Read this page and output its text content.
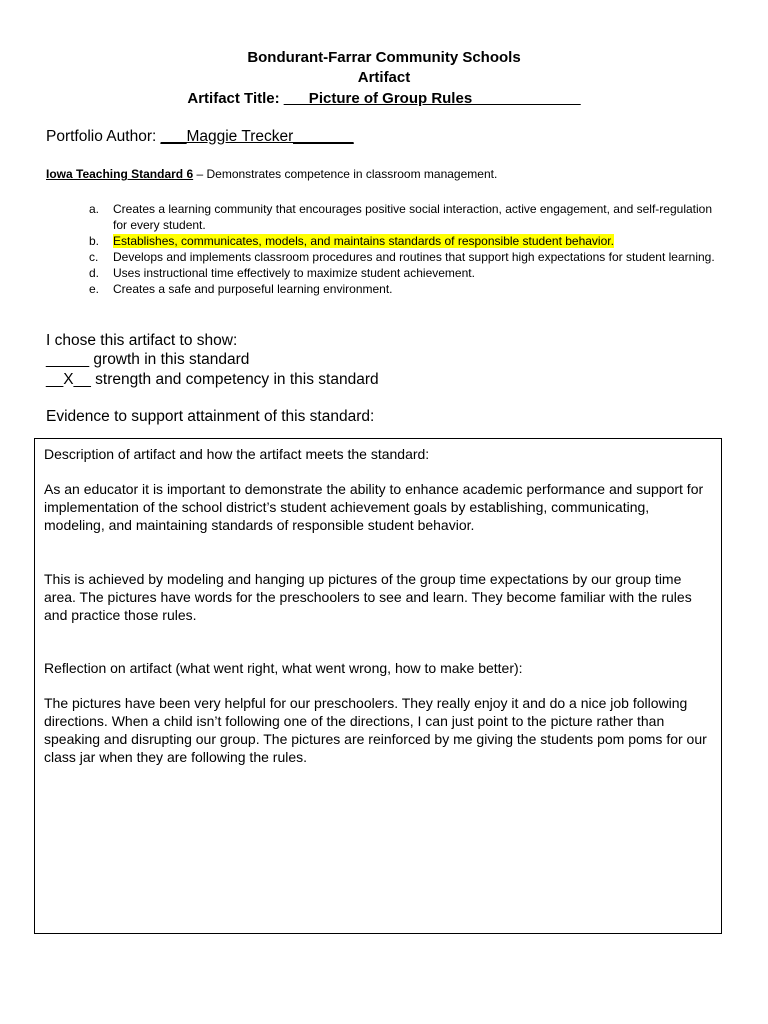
Bondurant-Farrar Community Schools
Artifact
Artifact Title: ___Picture of Group Rules_____________
Portfolio Author: ___Maggie Trecker_______
Iowa Teaching Standard 6 – Demonstrates competence in classroom management.
a. Creates a learning community that encourages positive social interaction, active engagement, and self-regulation for every student.
b. Establishes, communicates, models, and maintains standards of responsible student behavior.
c. Develops and implements classroom procedures and routines that support high expectations for student learning.
d. Uses instructional time effectively to maximize student achievement.
e. Creates a safe and purposeful learning environment.
I chose this artifact to show:
_____ growth in this standard
__X__ strength and competency in this standard
Evidence to support attainment of this standard:
Description of artifact and how the artifact meets the standard:
As an educator it is important to demonstrate the ability to enhance academic performance and support for implementation of the school district’s student achievement goals by establishing, communicating, modeling, and maintaining standards of responsible student behavior.
This is achieved by modeling and hanging up pictures of the group time expectations by our group time area. The pictures have words for the preschoolers to see and learn. They become familiar with the rules and practice those rules.
Reflection on artifact (what went right, what went wrong, how to make better):
The pictures have been very helpful for our preschoolers. They really enjoy it and do a nice job following directions. When a child isn’t following one of the directions, I can just point to the picture rather than speaking and disrupting our group. The pictures are reinforced by me giving the students pom poms for our class jar when they are following the rules.
